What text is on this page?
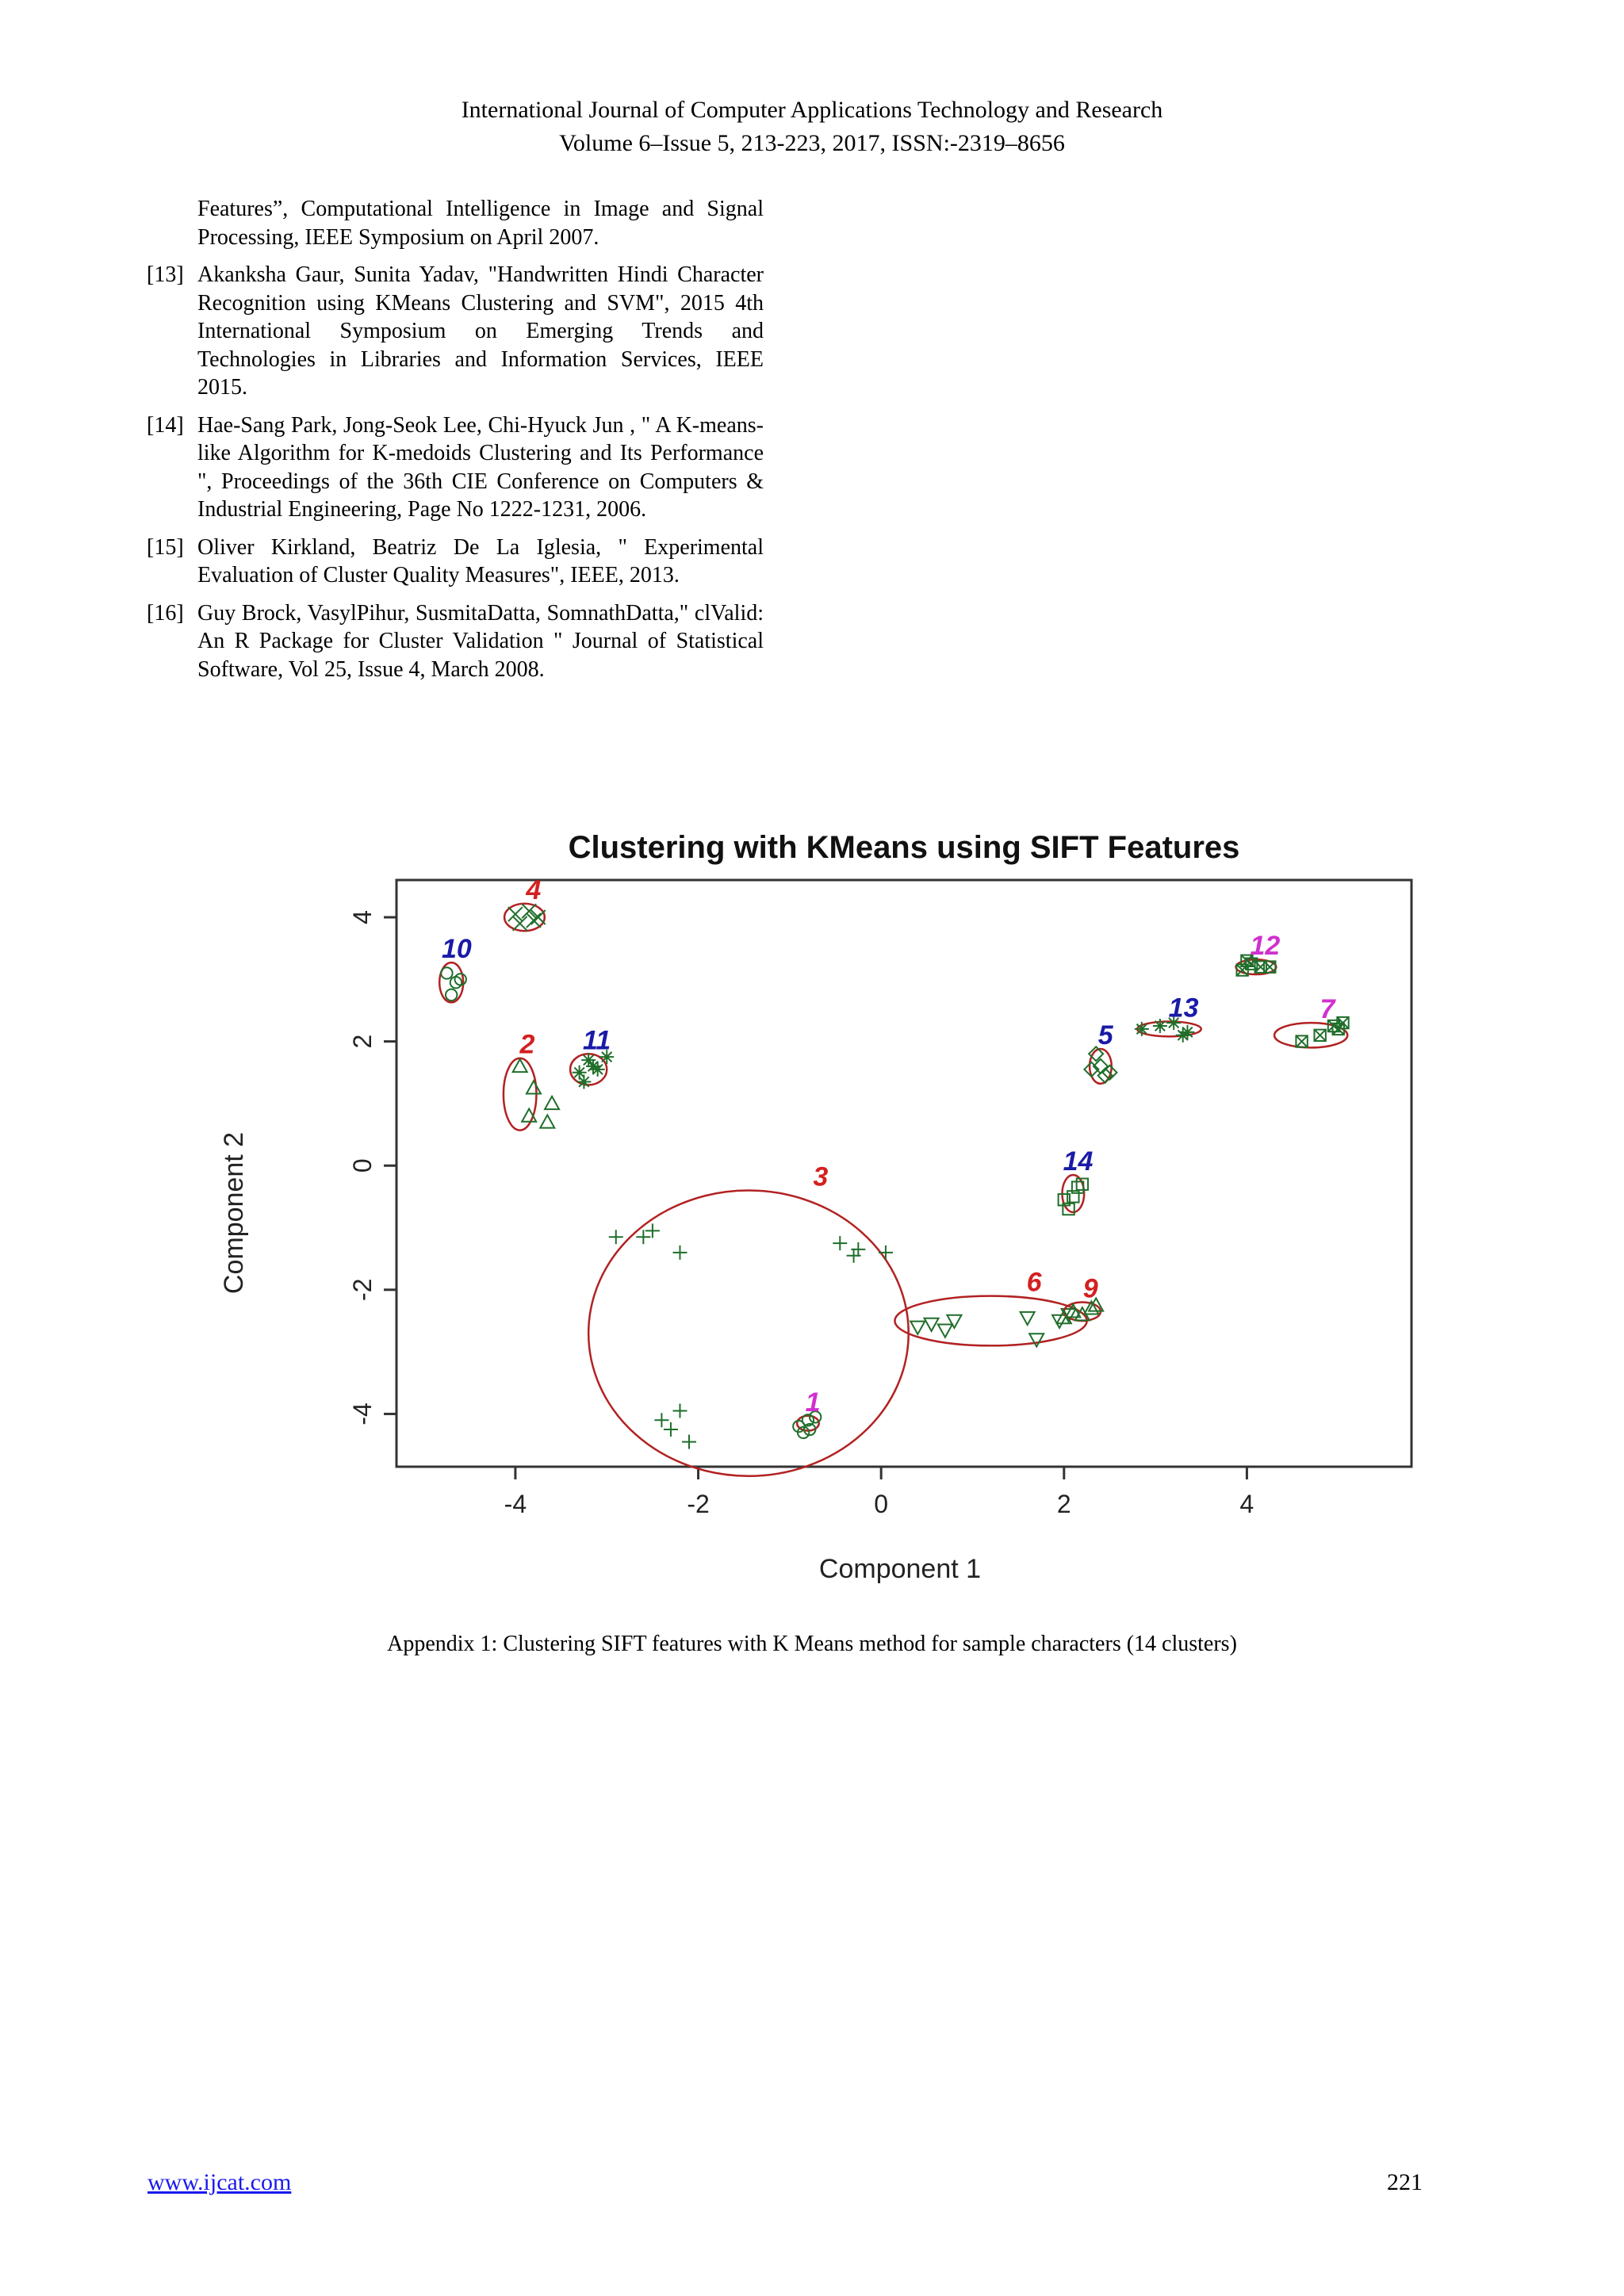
International Journal of Computer Applications Technology and Research
Volume 6–Issue 5, 213-223, 2017, ISSN:-2319–8656
Features”, Computational Intelligence in Image and Signal Processing, IEEE Symposium on April 2007.
[13] Akanksha Gaur, Sunita Yadav, "Handwritten Hindi Character Recognition using KMeans Clustering and SVM", 2015 4th International Symposium on Emerging Trends and Technologies in Libraries and Information Services, IEEE 2015.
[14] Hae-Sang Park, Jong-Seok Lee, Chi-Hyuck Jun , " A K-means-like Algorithm for K-medoids Clustering and Its Performance ", Proceedings of the 36th CIE Conference on Computers & Industrial Engineering, Page No 1222-1231, 2006.
[15] Oliver Kirkland, Beatriz De La Iglesia, " Experimental Evaluation of Cluster Quality Measures", IEEE, 2013.
[16] Guy Brock, VasylPihur, SusmitaDatta, SomnathDatta," clValid: An R Package for Cluster Validation " Journal of Statistical Software, Vol 25, Issue 4, March 2008.
Clustering with KMeans using SIFT Features
Component 1
Component 2
-4	-2	0	2	4
-4
-2
0
2
4
1
2
3
4
5
6
7
9
10
11
12
13
14
Appendix 1: Clustering SIFT features with K Means method for sample characters (14 clusters)
www.ijcat.com	221
